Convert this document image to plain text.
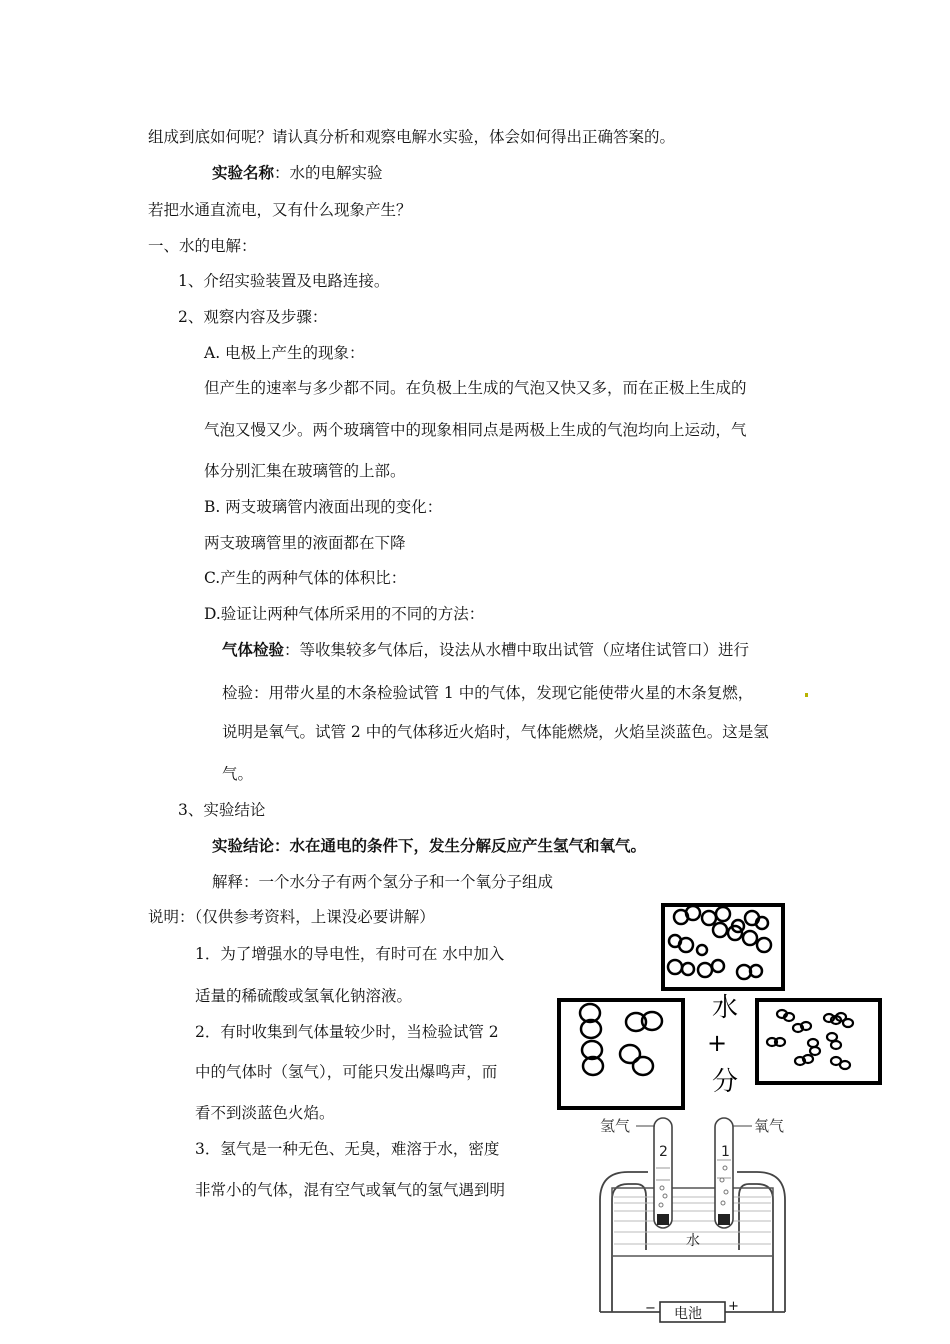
组成到底如何呢？请认真分析和观察电解水实验，体会如何得出正确答案的。
实验名称：水的电解实验
若把水通直流电，又有什么现象产生？
一、水的电解：
1、介绍实验装置及电路连接。
2、观察内容及步骤：
A. 电极上产生的现象：
但产生的速率与多少都不同。在负极上生成的气泡又快又多，而在正极上生成的
气泡又慢又少。两个玻璃管中的现象相同点是两极上生成的气泡均向上运动，气
体分别汇集在玻璃管的上部。
B. 两支玻璃管内液面出现的变化：
两支玻璃管里的液面都在下降
C.产生的两种气体的体积比：
D.验证让两种气体所采用的不同的方法：
气体检验：等收集较多气体后，设法从水槽中取出试管（应堵住试管口）进行
检验：用带火星的木条检验试管 1 中的气体，发现它能使带火星的木条复燃，
说明是氧气。试管 2 中的气体移近火焰时，气体能燃烧，火焰呈淡蓝色。这是氢
气。
3、实验结论
实验结论：水在通电的条件下，发生分解反应产生氢气和氧气。
解释：一个水分子有两个氢分子和一个氧分子组成
说明：（仅供参考资料，上课没必要讲解）
1．为了增强水的导电性，有时可在 水中加入
适量的稀硫酸或氢氧化钠溶液。
2．有时收集到气体量较少时，当检验试管 2
中的气体时（氢气），可能只发出爆鸣声，而
看不到淡蓝色火焰。
3．氢气是一种无色、无臭，难溶于水，密度
非常小的气体，混有空气或氧气的氢气遇到明
水
+
分
氢气	氧气
2	1
水
电池
−	+
